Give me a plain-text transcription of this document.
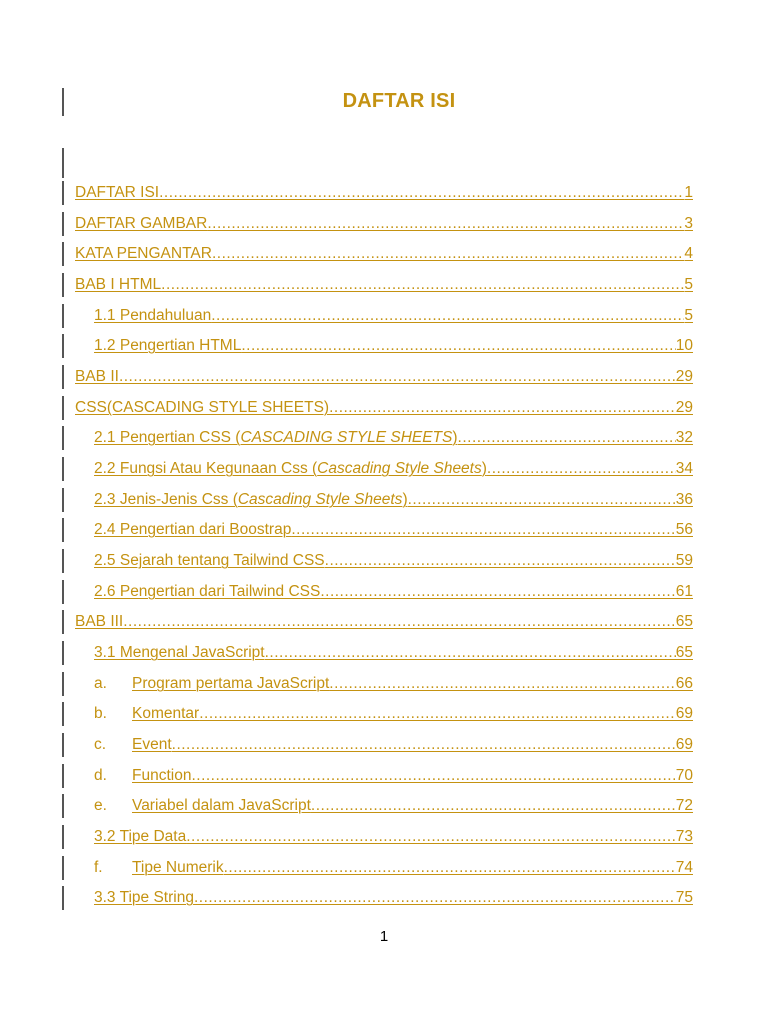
DAFTAR ISI
DAFTAR ISI .....	1
DAFTAR GAMBAR .....	3
KATA PENGANTAR .....	4
BAB I HTML .....	5
1.1 Pendahuluan .....	5
1.2 Pengertian HTML .....	10
BAB II .....	29
CSS(CASCADING STYLE SHEETS) .....	29
2.1 Pengertian CSS (CASCADING STYLE SHEETS) .....	32
2.2 Fungsi Atau Kegunaan Css (Cascading Style Sheets) .....	34
2.3 Jenis-Jenis Css (Cascading Style Sheets) .....	36
2.4 Pengertian dari Boostrap .....	56
2.5 Sejarah tentang Tailwind CSS .....	59
2.6 Pengertian dari Tailwind CSS .....	61
BAB III .....	65
3.1 Mengenal JavaScript .....	65
a. Program pertama JavaScript .....	66
b. Komentar .....	69
c. Event .....	69
d. Function .....	70
e. Variabel dalam JavaScript .....	72
3.2 Tipe Data .....	73
f. Tipe Numerik .....	74
3.3 Tipe String .....	75
1
